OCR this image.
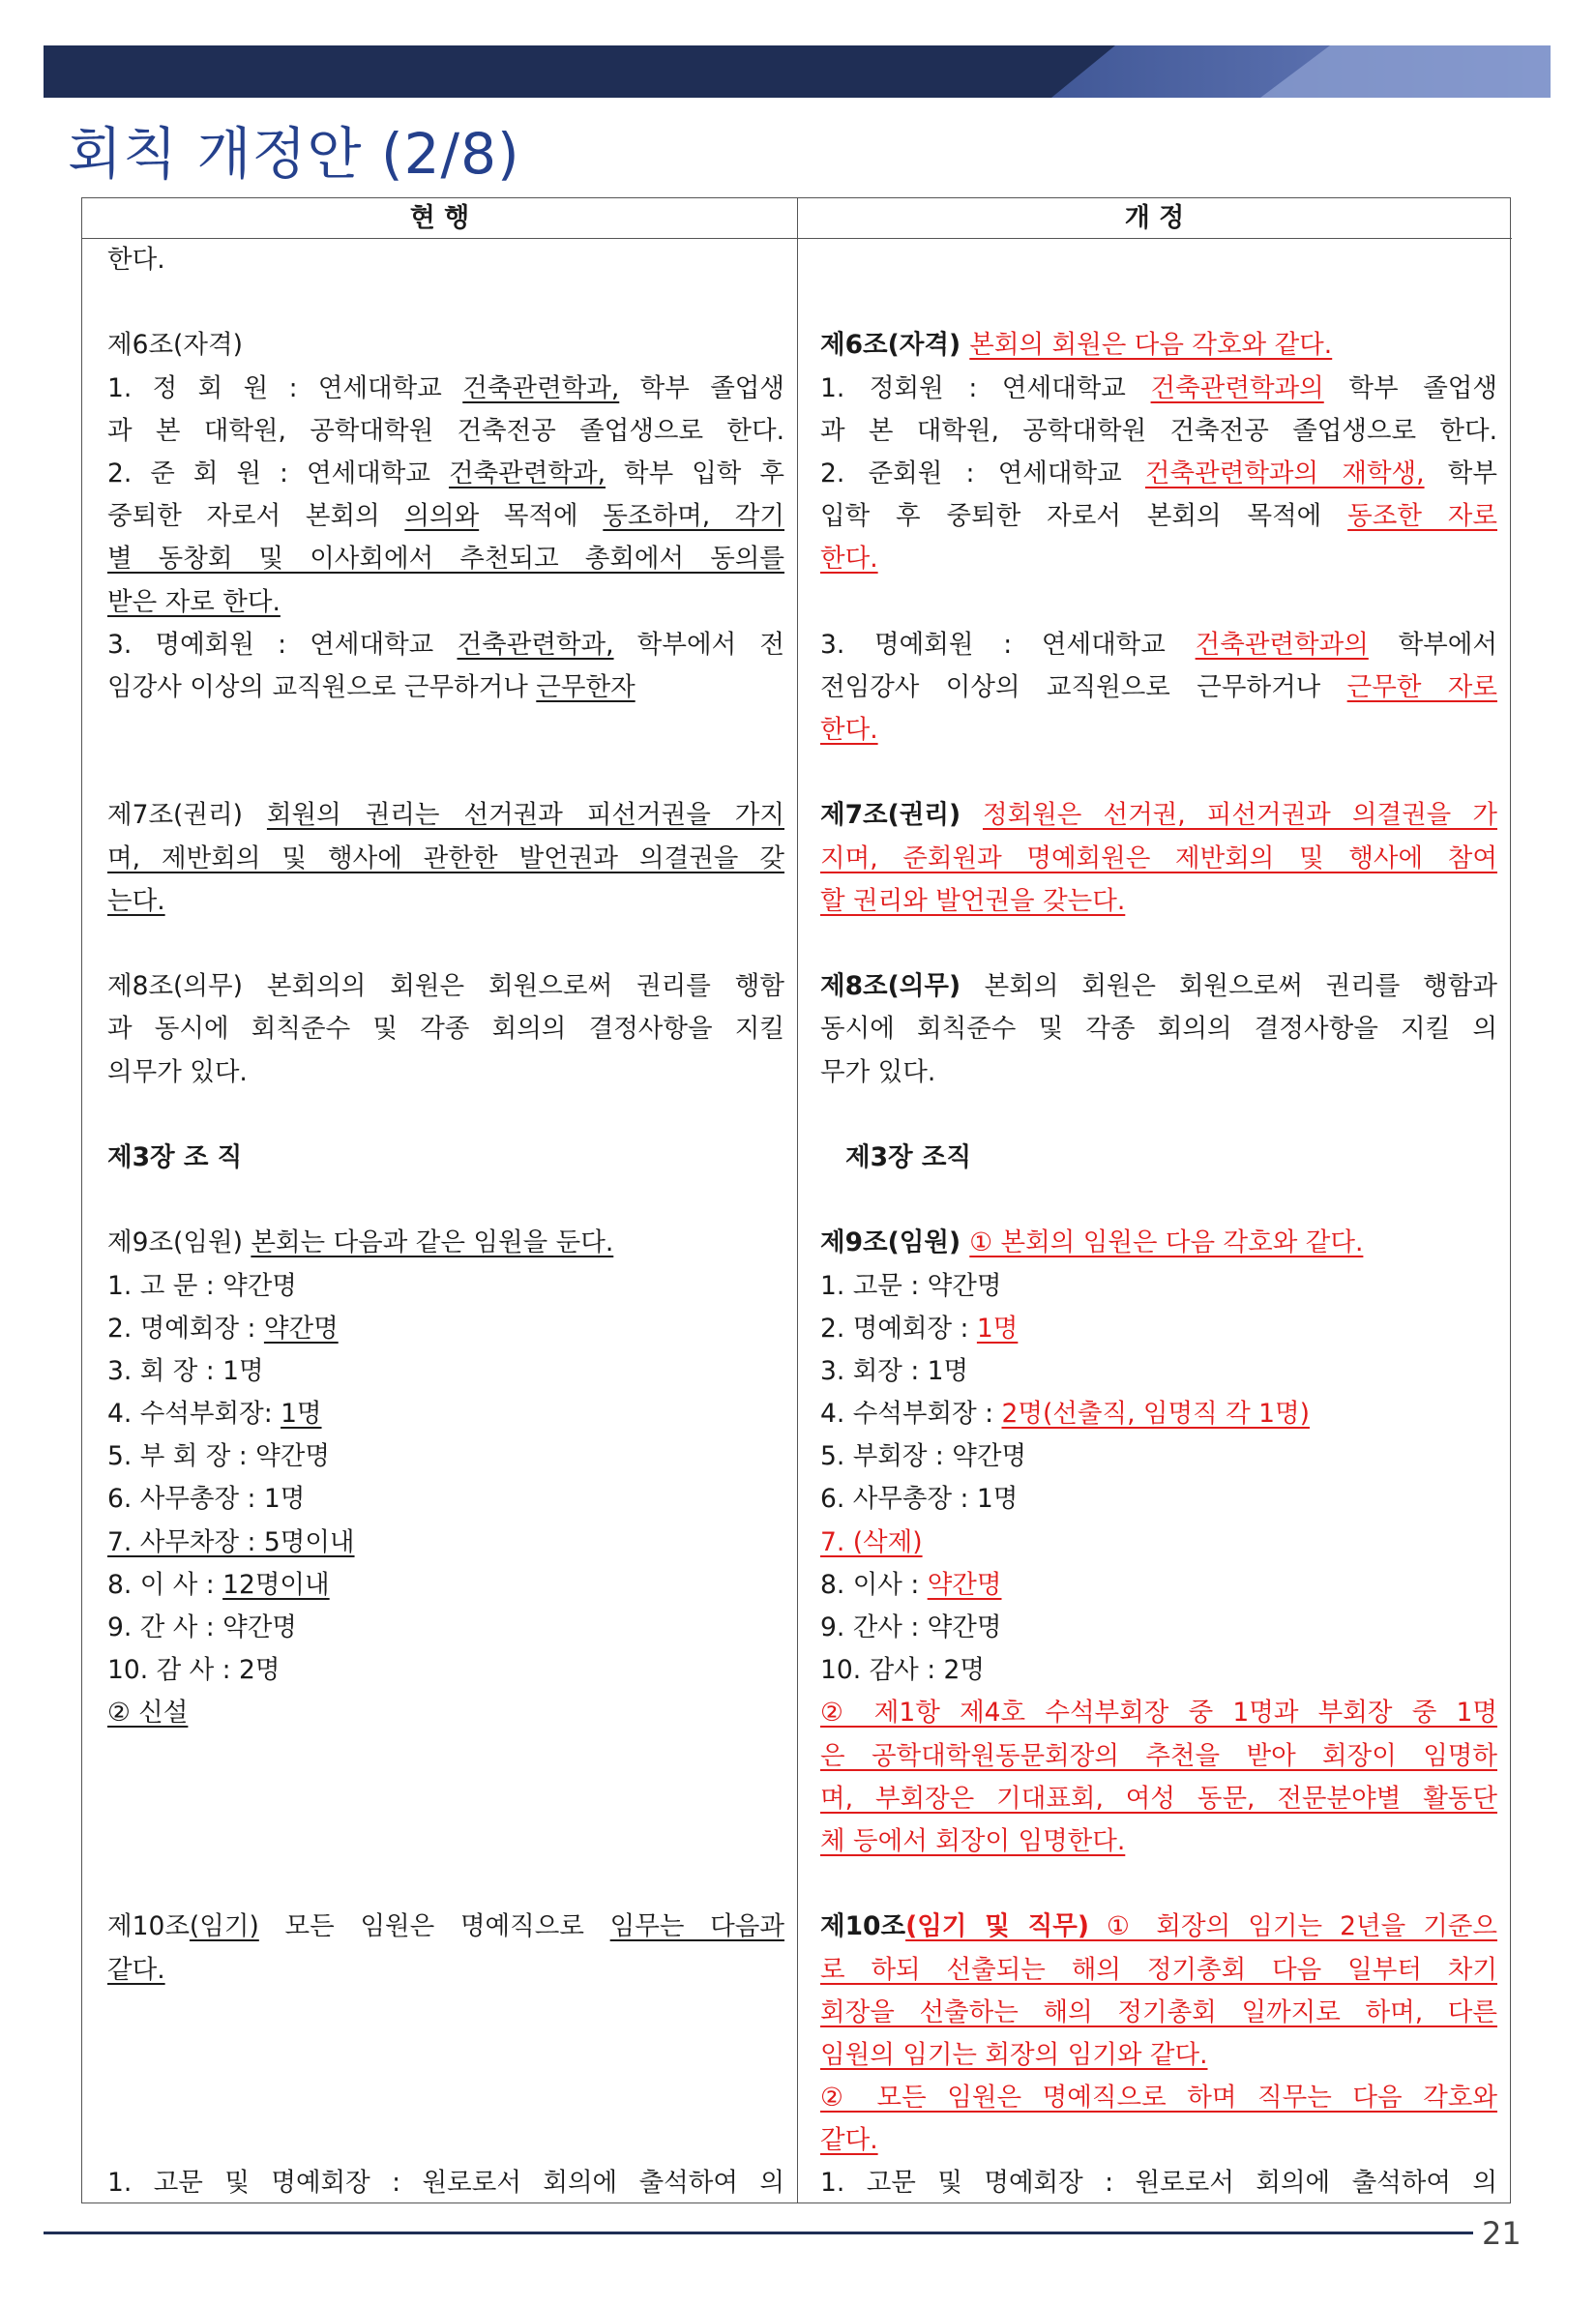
회칙 개정안 (2/8)
현 행	개 정
한다.
제6조(자격)
1. 정 회 원 : 연세대학교 건축관련학과, 학부 졸업생
과 본 대학원, 공학대학원 건축전공 졸업생으로 한다.
2. 준 회 원 : 연세대학교 건축관련학과, 학부 입학 후
중퇴한 자로서 본회의 의의와 목적에 동조하며, 각기
별 동창회 및 이사회에서 추천되고 총회에서 동의를
받은 자로 한다.
3. 명예회원 : 연세대학교 건축관련학과, 학부에서 전
임강사 이상의 교직원으로 근무하거나 근무한자
제7조(권리) 회원의 권리는 선거권과 피선거권을 가지
며, 제반회의 및 행사에 관한한 발언권과 의결권을 갖
는다.
제8조(의무) 본회의의 회원은 회원으로써 권리를 행함
과 동시에 회칙준수 및 각종 회의의 결정사항을 지킬
의무가 있다.
제3장 조 직
제9조(임원) 본회는 다음과 같은 임원을 둔다.
1. 고 문 : 약간명
2. 명예회장 : 약간명
3. 회 장 : 1명
4. 수석부회장: 1명
5. 부 회 장 : 약간명
6. 사무총장 : 1명
7. 사무차장 : 5명이내
8. 이 사 : 12명이내
9. 간 사 : 약간명
10. 감 사 : 2명
② 신설
제10조(임기) 모든 임원은 명예직으로 임무는 다음과
같다.
1. 고문 및 명예회장 : 원로로서 회의에 출석하여 의
제6조(자격) 본회의 회원은 다음 각호와 같다.
1. 정회원 : 연세대학교 건축관련학과의 학부 졸업생
과 본 대학원, 공학대학원 건축전공 졸업생으로 한다.
2. 준회원 : 연세대학교 건축관련학과의 재학생, 학부
입학 후 중퇴한 자로서 본회의 목적에 동조한 자로
한다.
3. 명예회원 : 연세대학교 건축관련학과의 학부에서
전임강사 이상의 교직원으로 근무하거나 근무한 자로
한다.
제7조(권리) 정회원은 선거권, 피선거권과 의결권을 가
지며, 준회원과 명예회원은 제반회의 및 행사에 참여
할 권리와 발언권을 갖는다.
제8조(의무) 본회의 회원은 회원으로써 권리를 행함과
동시에 회칙준수 및 각종 회의의 결정사항을 지킬 의
무가 있다.
제3장 조직
제9조(임원) ① 본회의 임원은 다음 각호와 같다.
1. 고문 : 약간명
2. 명예회장 : 1명
3. 회장 : 1명
4. 수석부회장 : 2명(선출직, 임명직 각 1명)
5. 부회장 : 약간명
6. 사무총장 : 1명
7. (삭제)
8. 이사 : 약간명
9. 간사 : 약간명
10. 감사 : 2명
② 제1항 제4호 수석부회장 중 1명과 부회장 중 1명
은 공학대학원동문회장의 추천을 받아 회장이 임명하
며, 부회장은 기대표회, 여성 동문, 전문분야별 활동단
체 등에서 회장이 임명한다.
제10조(임기 및 직무) ① 회장의 임기는 2년을 기준으
로 하되 선출되는 해의 정기총회 다음 일부터 차기
회장을 선출하는 해의 정기총회 일까지로 하며, 다른
임원의 임기는 회장의 임기와 같다.
② 모든 임원은 명예직으로 하며 직무는 다음 각호와
같다.
1. 고문 및 명예회장 : 원로로서 회의에 출석하여 의
21
